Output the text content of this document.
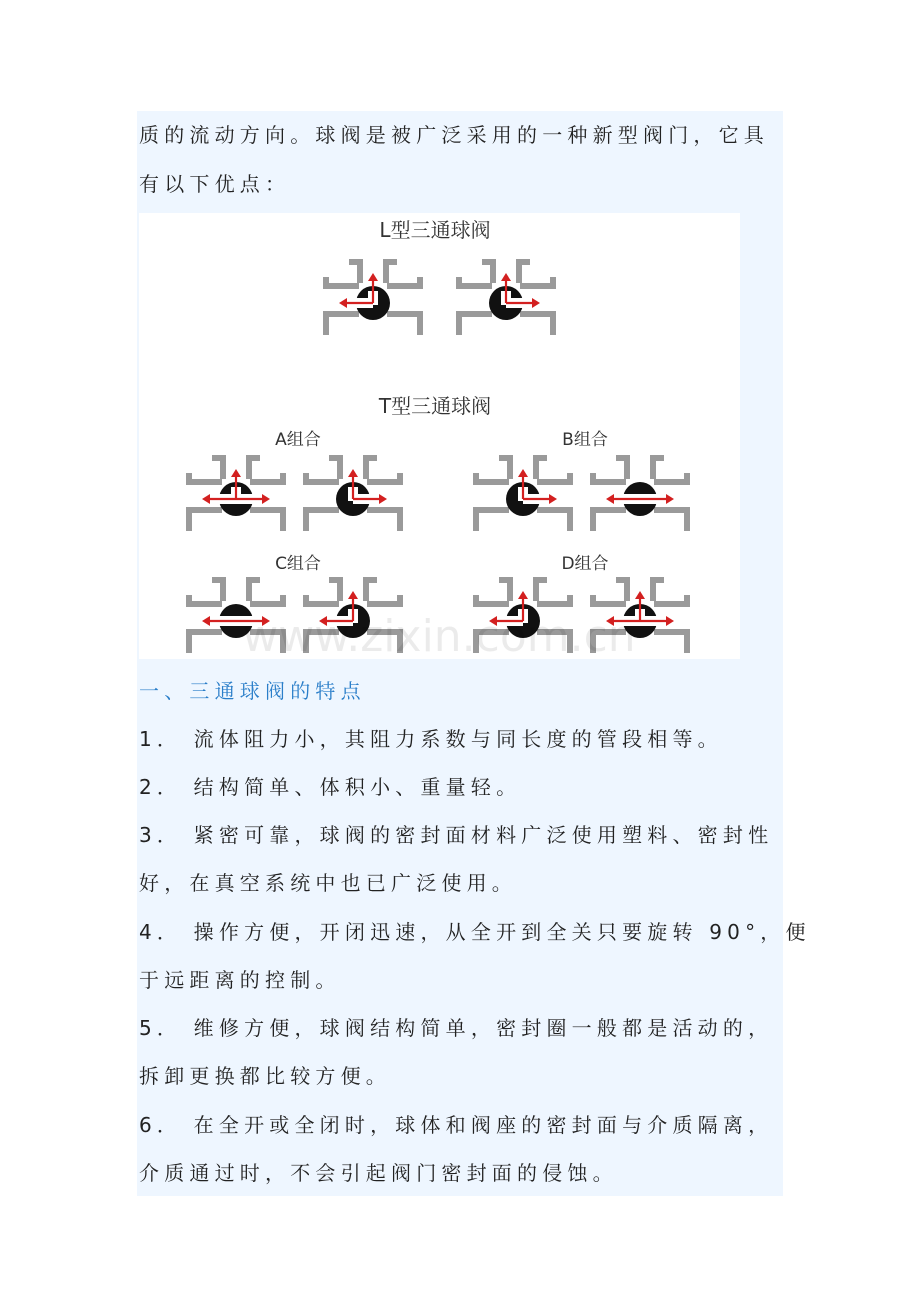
质的流动方向。球阀是被广泛采用的一种新型阀门，它具
有以下优点：
L型三通球阀
T型三通球阀
A组合	B组合
C组合	D组合
www.zixin.com.cn
一、三通球阀的特点
1． 流体阻力小，其阻力系数与同长度的管段相等。
2． 结构简单、体积小、重量轻。
3． 紧密可靠，球阀的密封面材料广泛使用塑料、密封性
好，在真空系统中也已广泛使用。
4． 操作方便，开闭迅速，从全开到全关只要旋转 90°，便
于远距离的控制。
5． 维修方便，球阀结构简单，密封圈一般都是活动的，
拆卸更换都比较方便。
6． 在全开或全闭时，球体和阀座的密封面与介质隔离，
介质通过时，不会引起阀门密封面的侵蚀。
